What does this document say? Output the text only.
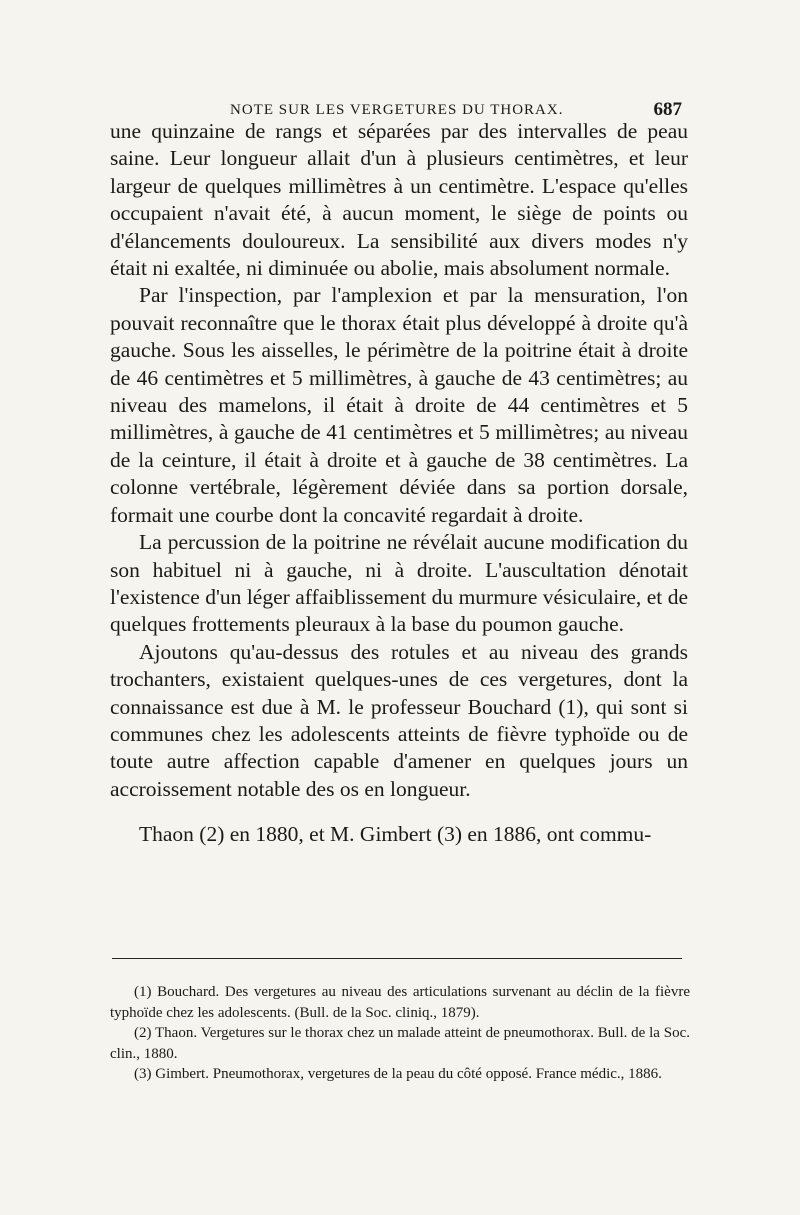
NOTE SUR LES VERGETURES DU THORAX.	687

une quinzaine de rangs et séparées par des intervalles de peau saine. Leur longueur allait d'un à plusieurs centimètres, et leur largeur de quelques millimètres à un centimètre. L'espace qu'elles occupaient n'avait été, à aucun moment, le siège de points ou d'élancements douloureux. La sensibilité aux divers modes n'y était ni exaltée, ni diminuée ou abolie, mais absolument normale.

Par l'inspection, par l'amplexion et par la mensuration, l'on pouvait reconnaître que le thorax était plus développé à droite qu'à gauche. Sous les aisselles, le périmètre de la poitrine était à droite de 46 centimètres et 5 millimètres, à gauche de 43 centimètres; au niveau des mamelons, il était à droite de 44 centimètres et 5 millimètres, à gauche de 41 centimètres et 5 millimètres; au niveau de la ceinture, il était à droite et à gauche de 38 centimètres. La colonne vertébrale, légèrement déviée dans sa portion dorsale, formait une courbe dont la concavité regardait à droite.

La percussion de la poitrine ne révélait aucune modification du son habituel ni à gauche, ni à droite. L'auscultation dénotait l'existence d'un léger affaiblissement du murmure vésiculaire, et de quelques frottements pleuraux à la base du poumon gauche.

Ajoutons qu'au-dessus des rotules et au niveau des grands trochanters, existaient quelques-unes de ces vergetures, dont la connaissance est due à M. le professeur Bouchard (1), qui sont si communes chez les adolescents atteints de fièvre typhoïde ou de toute autre affection capable d'amener en quelques jours un accroissement notable des os en longueur.

Thaon (2) en 1880, et M. Gimbert (3) en 1886, ont commu-

(1) Bouchard. Des vergetures au niveau des articulations survenant au déclin de la fièvre typhoïde chez les adolescents. (Bull. de la Soc. cliniq., 1879).

(2) Thaon. Vergetures sur le thorax chez un malade atteint de pneumothorax. Bull. de la Soc. clin., 1880.

(3) Gimbert. Pneumothorax, vergetures de la peau du côté opposé. France médic., 1886.
